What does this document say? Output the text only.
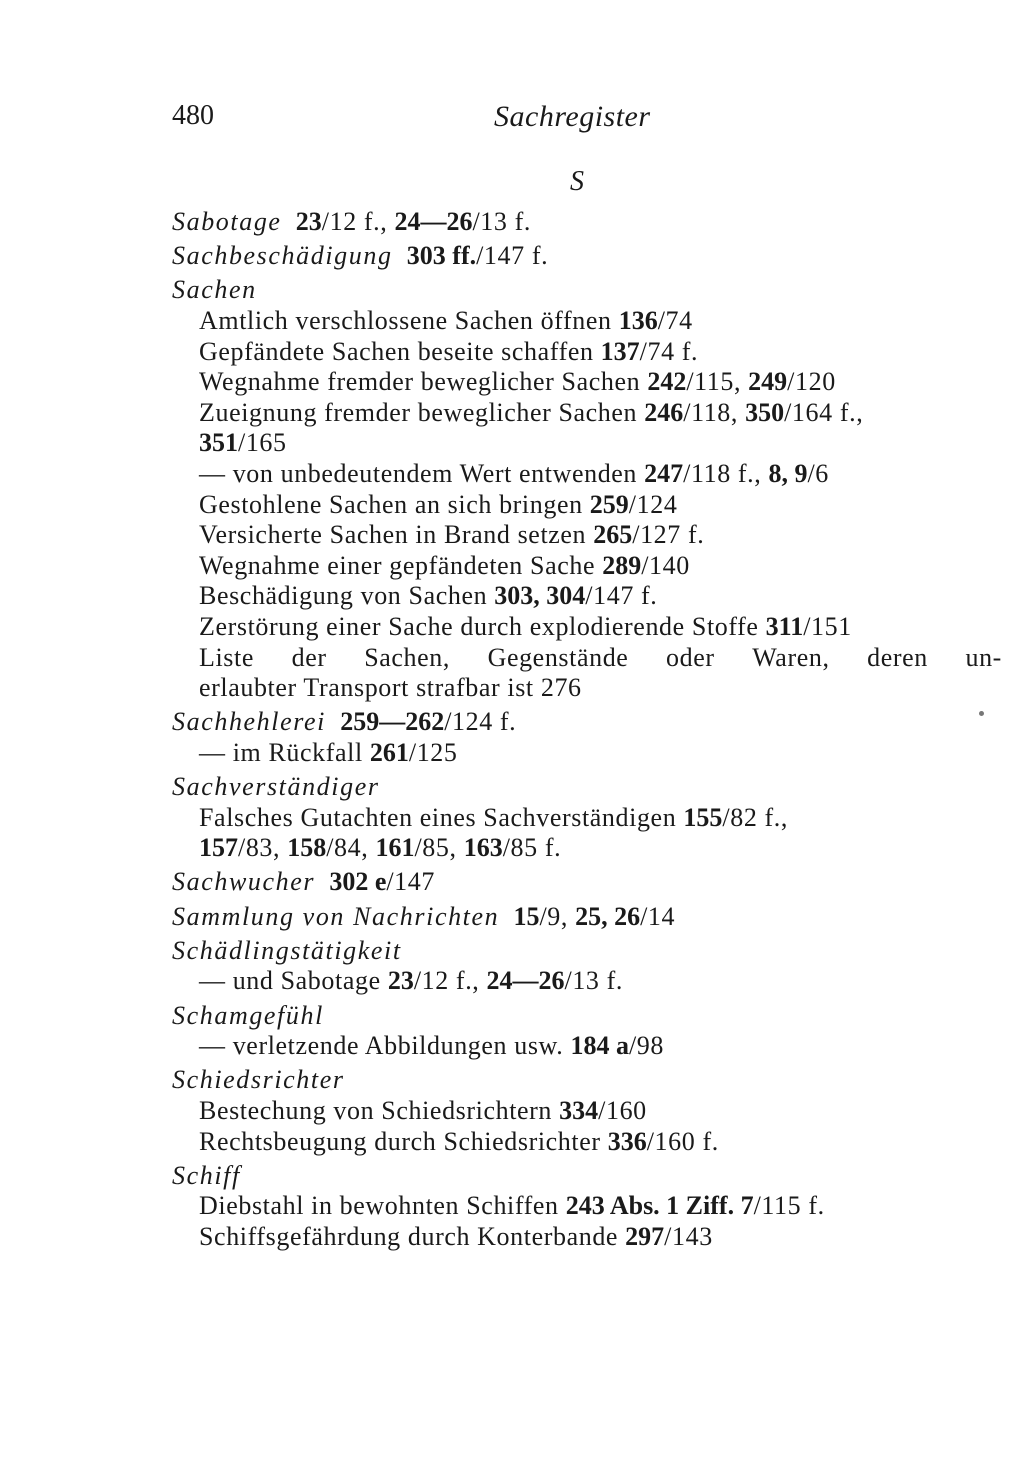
480	Sachregister
S
Sabotage 23/12 f., 24—26/13 f.
Sachbeschädigung 303 ff./147 f.
Sachen
Amtlich verschlossene Sachen öffnen 136/74
Gepfändete Sachen beseite schaffen 137/74 f.
Wegnahme fremder beweglicher Sachen 242/115, 249/120
Zueignung fremder beweglicher Sachen 246/118, 350/164 f.,
351/165
— von unbedeutendem Wert entwenden 247/118 f., 8, 9/6
Gestohlene Sachen an sich bringen 259/124
Versicherte Sachen in Brand setzen 265/127 f.
Wegnahme einer gepfändeten Sache 289/140
Beschädigung von Sachen 303, 304/147 f.
Zerstörung einer Sache durch explodierende Stoffe 311/151
Liste der Sachen, Gegenstände oder Waren, deren un-
erlaubter Transport strafbar ist 276
Sachhehlerei 259—262/124 f.
— im Rückfall 261/125
Sachverständiger
Falsches Gutachten eines Sachverständigen 155/82 f.,
157/83, 158/84, 161/85, 163/85 f.
Sachwucher 302 e/147
Sammlung von Nachrichten 15/9, 25, 26/14
Schädlingstätigkeit
— und Sabotage 23/12 f., 24—26/13 f.
Schamgefühl
— verletzende Abbildungen usw. 184 a/98
Schiedsrichter
Bestechung von Schiedsrichtern 334/160
Rechtsbeugung durch Schiedsrichter 336/160 f.
Schiff
Diebstahl in bewohnten Schiffen 243 Abs. 1 Ziff. 7/115 f.
Schiffsgefährdung durch Konterbande 297/143
